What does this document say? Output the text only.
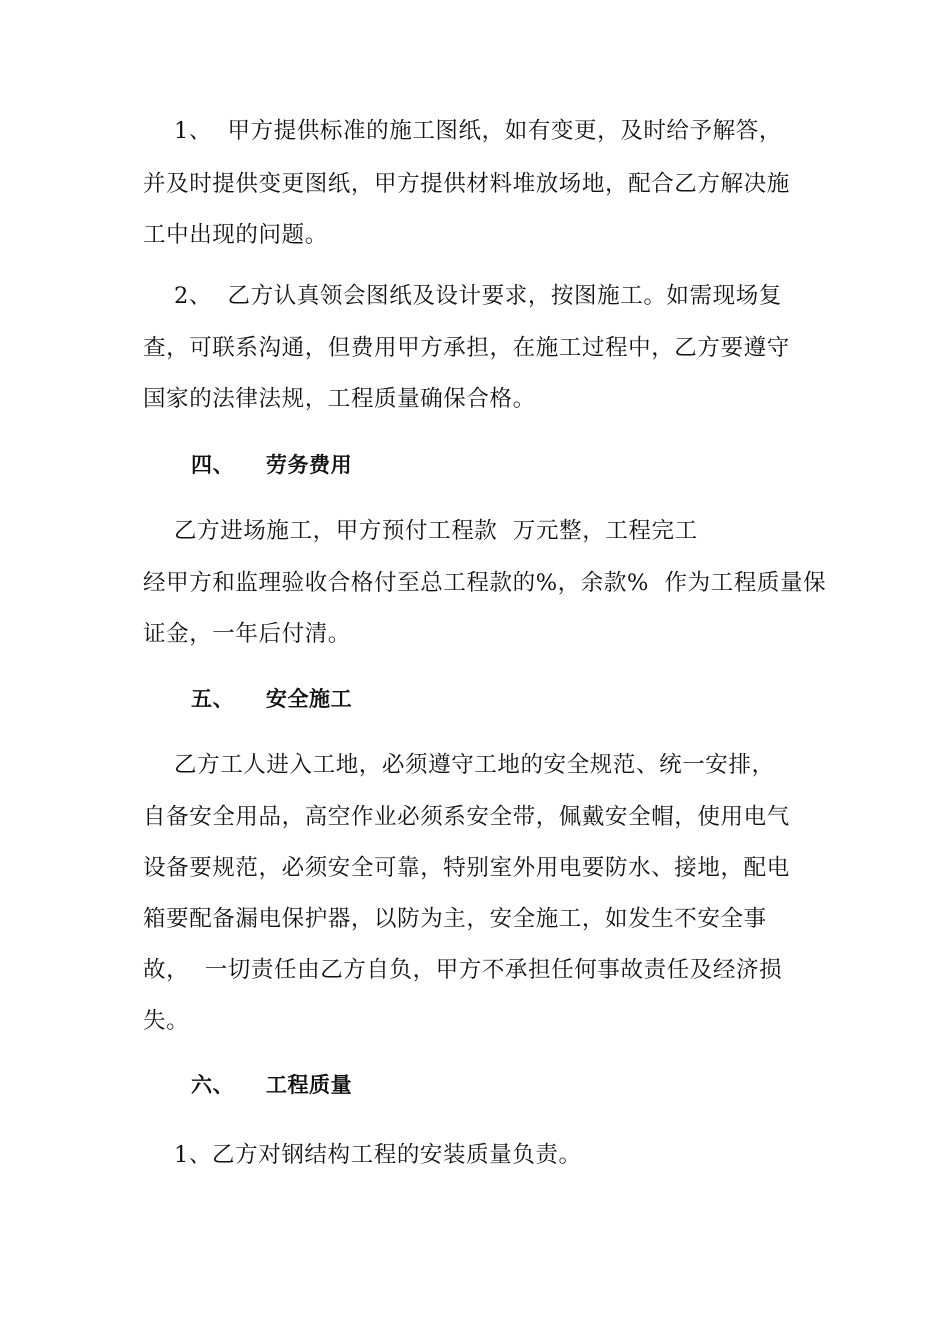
1、  甲方提供标准的施工图纸，如有变更，及时给予解答，
并及时提供变更图纸，甲方提供材料堆放场地，配合乙方解决施
工中出现的问题。
2、  乙方认真领会图纸及设计要求，按图施工。如需现场复
查，可联系沟通，但费用甲方承担，在施工过程中，乙方要遵守
国家的法律法规，工程质量确保合格。
四、    劳务费用
乙方进场施工，甲方预付工程款  万元整，工程完工
经甲方和监理验收合格付至总工程款的%，余款%  作为工程质量保
证金，一年后付清。
五、    安全施工
乙方工人进入工地，必须遵守工地的安全规范、统一安排，
自备安全用品，高空作业必须系安全带，佩戴安全帽，使用电气
设备要规范，必须安全可靠，特别室外用电要防水、接地，配电
箱要配备漏电保护器，以防为主，安全施工，如发生不安全事
故，  一切责任由乙方自负，甲方不承担任何事故责任及经济损
失。
六、    工程质量
1、乙方对钢结构工程的安装质量负责。
